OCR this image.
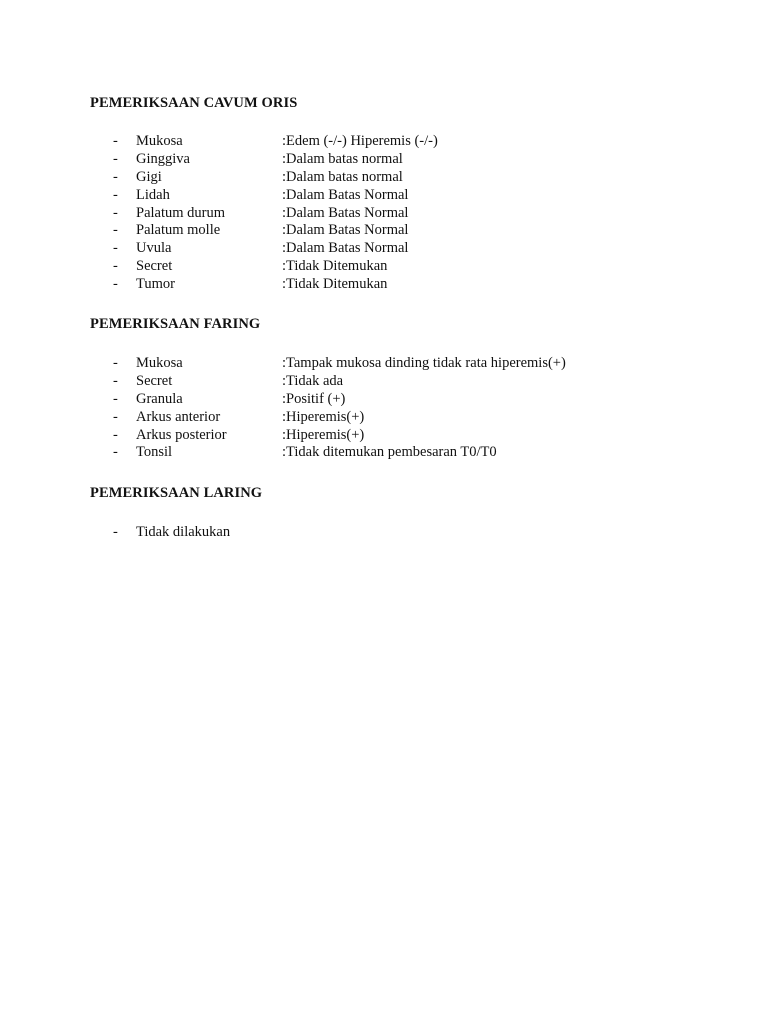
PEMERIKSAAN CAVUM ORIS
- Mukosa	:Edem (-/-) Hiperemis (-/-)
- Ginggiva	:Dalam batas normal
- Gigi	:Dalam batas normal
- Lidah	:Dalam Batas Normal
- Palatum durum	:Dalam Batas Normal
- Palatum molle	:Dalam Batas Normal
- Uvula	:Dalam Batas Normal
- Secret	:Tidak Ditemukan
- Tumor	:Tidak Ditemukan
PEMERIKSAAN FARING
- Mukosa	:Tampak mukosa dinding tidak rata hiperemis(+)
- Secret	:Tidak ada
- Granula	:Positif (+)
- Arkus anterior	:Hiperemis(+)
- Arkus posterior	:Hiperemis(+)
- Tonsil	:Tidak ditemukan pembesaran T0/T0
PEMERIKSAAN LARING
- Tidak dilakukan
